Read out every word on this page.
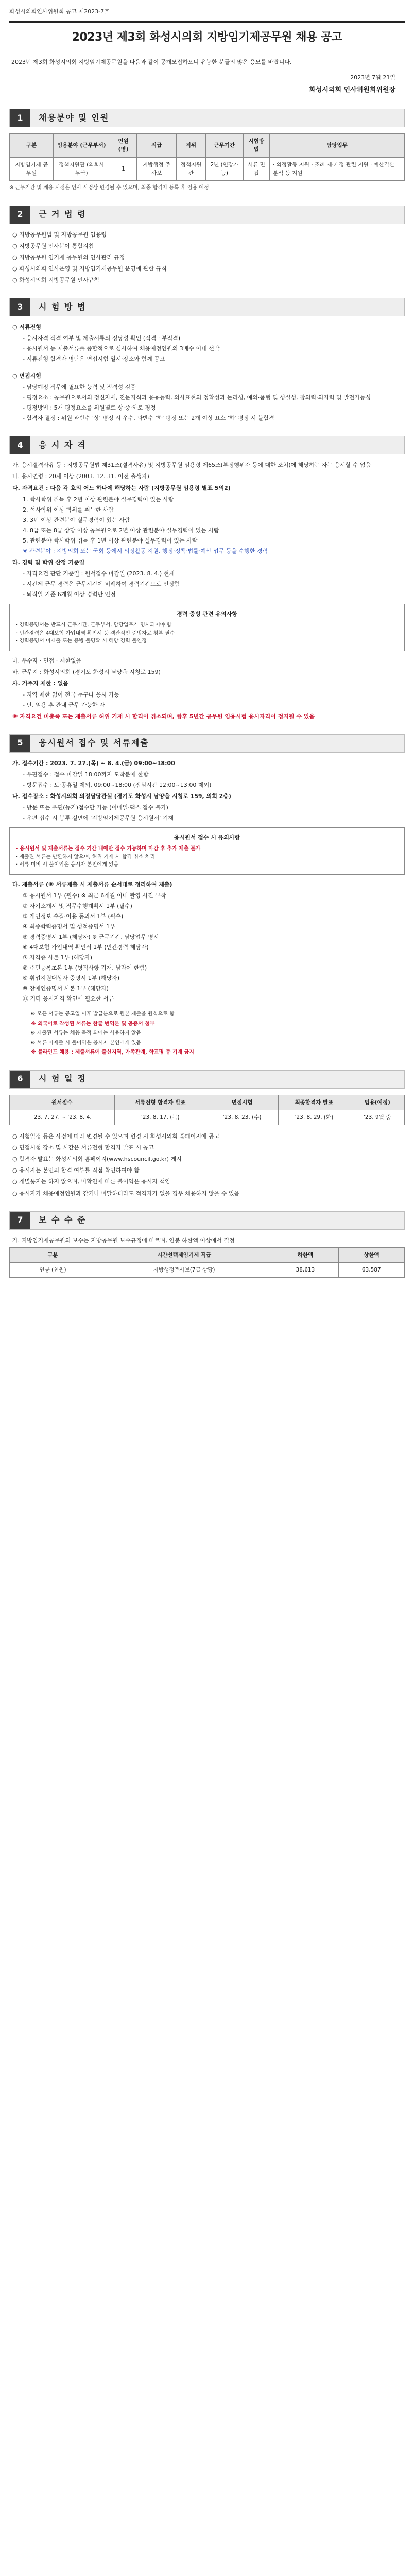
화성시의회인사위원회 공고 제2023-7호
2023년 제3회 화성시의회 지방임기제공무원 채용 공고
2023년 제3회 화성시의회 지방임기제공무원을 다음과 같이 공개모집하오니 유능한 분들의 많은 응모를 바랍니다.
2023년 7월 21일
화성시의회 인사위원회위원장
1	채용분야 및 인원
구분	임용분야 (근무부서)	인원 (명)	직급	직위	근무기간	시험방법	담당업무
지방임기제 공무원	정책지원관 (의회사무국)	1	지방행정 주사보	정책지원관	2년 (연장가능)	서류 면접	· 의정활동 지원 · 조례 제·개정 관련 지원 · 예산결산 분석 등 지원
※ 근무기간 및 채용 시점은 인사 사정상 변경될 수 있으며, 최종 합격자 등록 후 임용 예정
2	근 거 법 령
○ 지방공무원법 및 지방공무원 임용령
○ 지방공무원 인사분야 통합지침
○ 지방공무원 임기제 공무원의 인사관리 규정
○ 화성시의회 인사운영 및 지방임기제공무원 운영에 관한 규칙
○ 화성시의회 지방공무원 인사규칙
3	시 험 방 법
○ 서류전형
- 응시자격 적격 여부 및 제출서류의 정당성 확인 (적격 · 부적격)
- 응시원서 등 제출서류를 종합적으로 심사하여 채용예정인원의 3배수 이내 선발
- 서류전형 합격자 명단은 면접시험 일시·장소와 함께 공고
○ 면접시험
- 담당예정 직무에 필요한 능력 및 적격성 검증
- 평정요소 : 공무원으로서의 정신자세, 전문지식과 응용능력, 의사표현의 정확성과 논리성, 예의·품행 및 성실성, 창의력·의지력 및 발전가능성
- 평정방법 : 5개 평정요소를 위원별로 상·중·하로 평정
- 합격자 결정 : 위원 과반수 '상' 평정 시 우수, 과반수 '하' 평정 또는 2개 이상 요소 '하' 평정 시 불합격
4	응 시 자 격
가. 응시결격사유 등 : 지방공무원법 제31조(결격사유) 및 지방공무원 임용령 제65조(부정행위자 등에 대한 조치)에 해당하는 자는 응시할 수 없음
나. 응시연령 : 20세 이상 (2003. 12. 31. 이전 출생자)
다. 자격요건 : 다음 각 호의 어느 하나에 해당하는 사람 (지방공무원 임용령 별표 5의2)
1. 학사학위 취득 후 2년 이상 관련분야 실무경력이 있는 사람
2. 석사학위 이상 학위를 취득한 사람
3. 3년 이상 관련분야 실무경력이 있는 사람
4. 8급 또는 8급 상당 이상 공무원으로 2년 이상 관련분야 실무경력이 있는 사람
5. 관련분야 학사학위 취득 후 1년 이상 관련분야 실무경력이 있는 사람
※ 관련분야 : 지방의회 또는 국회 등에서 의정활동 지원, 행정·정책·법률·예산 업무 등을 수행한 경력
라. 경력 및 학위 산정 기준일
- 자격요건 판단 기준일 : 원서접수 마감일 (2023. 8. 4.) 현재
- 시간제 근무 경력은 근무시간에 비례하여 경력기간으로 인정함
- 퇴직일 기준 6개월 이상 경력만 인정
경력 증빙 관련 유의사항
· 경력증명서는 반드시 근무기간, 근무부서, 담당업무가 명시되어야 함
· 민간경력은 4대보험 가입내역 확인서 등 객관적인 증빙자료 첨부 필수
· 경력증명서 미제출 또는 증빙 불명확 시 해당 경력 불인정
마. 우수자 · 면접 · 제한없음
바. 근무지 : 화성시의회 (경기도 화성시 남양읍 시청로 159)
사. 거주지 제한 : 없음
- 지역 제한 없이 전국 누구나 응시 가능
- 단, 임용 후 관내 근무 가능한 자
※ 자격요건 미충족 또는 제출서류 허위 기재 시 합격이 취소되며, 향후 5년간 공무원 임용시험 응시자격이 정지될 수 있음
5	응시원서 접수 및 서류제출
가. 접수기간 : 2023. 7. 27.(목) ~ 8. 4.(금) 09:00~18:00
- 우편접수 : 접수 마감일 18:00까지 도착분에 한함
- 방문접수 : 토·공휴일 제외, 09:00~18:00 (점심시간 12:00~13:00 제외)
나. 접수장소 : 화성시의회 의정담당관실 (경기도 화성시 남양읍 시청로 159, 의회 2층)
- 방문 또는 우편(등기)접수만 가능 (이메일·팩스 접수 불가)
- 우편 접수 시 봉투 겉면에 '지방임기제공무원 응시원서' 기재
응시원서 접수 시 유의사항
· 응시원서 및 제출서류는 접수 기간 내에만 접수 가능하며 마감 후 추가 제출 불가
· 제출된 서류는 반환하지 않으며, 허위 기재 시 합격 취소 처리
· 서류 미비 시 불이익은 응시자 본인에게 있음
다. 제출서류 (※ 서류제출 시 제출서류 순서대로 정리하여 제출)
① 응시원서 1부 (필수) ※ 최근 6개월 이내 촬영 사진 부착
② 자기소개서 및 직무수행계획서 1부 (필수)
③ 개인정보 수집·이용 동의서 1부 (필수)
④ 최종학력증명서 및 성적증명서 1부
⑤ 경력증명서 1부 (해당자) ※ 근무기간, 담당업무 명시
⑥ 4대보험 가입내역 확인서 1부 (민간경력 해당자)
⑦ 자격증 사본 1부 (해당자)
⑧ 주민등록초본 1부 (병적사항 기재, 남자에 한함)
⑨ 취업지원대상자 증명서 1부 (해당자)
⑩ 장애인증명서 사본 1부 (해당자)
⑪ 기타 응시자격 확인에 필요한 서류
※ 모든 서류는 공고일 이후 발급분으로 원본 제출을 원칙으로 함
※ 외국어로 작성된 서류는 한글 번역본 및 공증서 첨부
※ 제출된 서류는 채용 목적 외에는 사용하지 않음
※ 서류 미제출 시 불이익은 응시자 본인에게 있음
※ 블라인드 채용 : 제출서류에 출신지역, 가족관계, 학교명 등 기재 금지
6	시 험 일 정
원서접수	서류전형 합격자 발표	면접시험	최종합격자 발표	임용(예정)
'23. 7. 27. ~ '23. 8. 4.	'23. 8. 17. (목)	'23. 8. 23. (수)	'23. 8. 29. (화)	'23. 9월 중
○ 시험일정 등은 사정에 따라 변경될 수 있으며 변경 시 화성시의회 홈페이지에 공고
○ 면접시험 장소 및 시간은 서류전형 합격자 발표 시 공고
○ 합격자 발표는 화성시의회 홈페이지(www.hscouncil.go.kr) 게시
○ 응시자는 본인의 합격 여부를 직접 확인하여야 함
○ 개별통지는 하지 않으며, 미확인에 따른 불이익은 응시자 책임
○ 응시자가 채용예정인원과 같거나 미달하더라도 적격자가 없을 경우 채용하지 않을 수 있음
7	보 수 수 준
가. 지방임기제공무원의 보수는 지방공무원 보수규정에 따르며, 연봉 하한액 이상에서 결정
구분	시간선택제임기제 직급	하한액	상한액
연봉 (천원)	지방행정주사보(7급 상당)	38,613	63,587
